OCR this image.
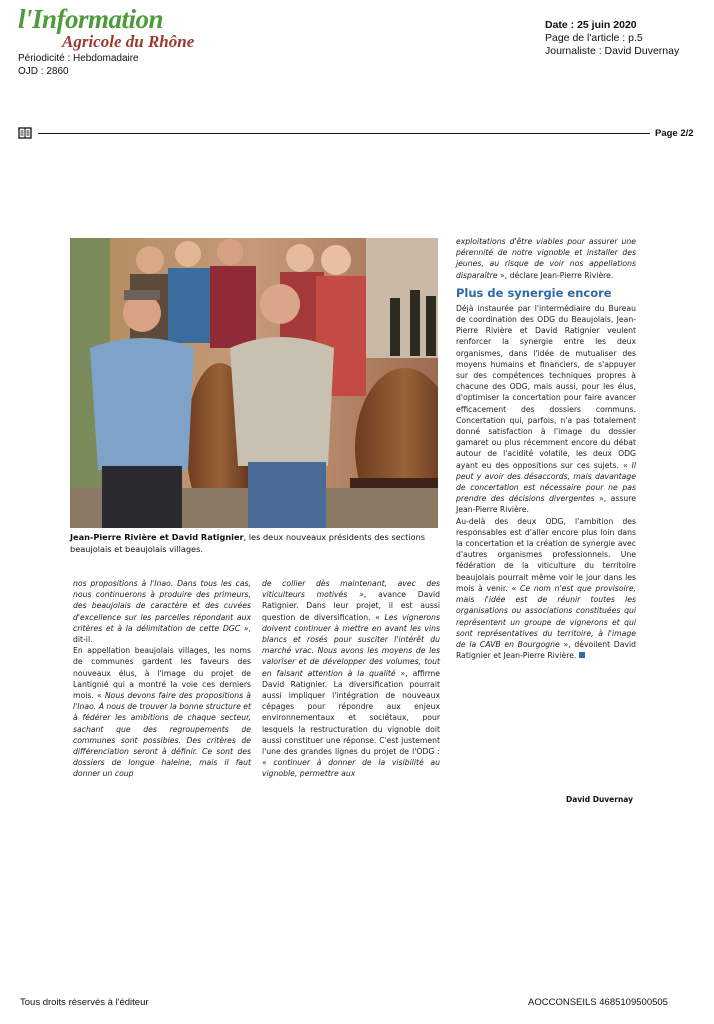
l'Information
Agricole du Rhône
Périodicité : Hebdomadaire
OJD : 2860
Date : 25 juin 2020
Page de l'article : p.5
Journaliste : David Duvernay
Page 2/2
Jean-Pierre Rivière et David Ratignier, les deux nouveaux présidents des sections beaujolais et beaujolais villages.
nos propositions à l'Inao. Dans tous les cas, nous continuerons à produire des primeurs, des beaujolais de caractère et des cuvées d'excellence sur les parcelles répondant aux critères et à la délimitation de cette DGC », dit-il.
En appellation beaujolais villages, les noms de communes gardent les faveurs des nouveaux élus, à l'image du projet de Lantignié qui a montré la voie ces derniers mois. « Nous devons faire des propositions à l'Inao. À nous de trouver la bonne structure et à fédérer les ambitions de chaque secteur, sachant que des regroupements de communes sont possibles. Des critères de différenciation seront à définir. Ce sont des dossiers de longue haleine, mais il faut donner un coup
de collier dès maintenant, avec des viticulteurs motivés », avance David Ratignier. Dans leur projet, il est aussi question de diversification. « Les vignerons doivent continuer à mettre en avant les vins blancs et rosés pour susciter l'intérêt du marché vrac. Nous avons les moyens de les valoriser et de développer des volumes, tout en faisant attention à la qualité », affirme David Ratignier. La diversification pourrait aussi impliquer l'intégration de nouveaux cépages pour répondre aux enjeux environnementaux et sociétaux, pour lesquels la restructuration du vignoble doit aussi constituer une réponse. C'est justement l'une des grandes lignes du projet de l'ODG : « continuer à donner de la visibilité au vignoble, permettre aux
exploitations d'être viables pour assurer une pérennité de notre vignoble et installer des jeunes, au risque de voir nos appellations disparaître », déclare Jean-Pierre Rivière.
Plus de synergie encore
Déjà instaurée par l'intermédiaire du Bureau de coordination des ODG du Beaujolais, Jean-Pierre Rivière et David Ratignier veulent renforcer la synergie entre les deux organismes, dans l'idée de mutualiser des moyens humains et financiers, de s'appuyer sur des compétences techniques propres à chacune des ODG, mais aussi, pour les élus, d'optimiser la concertation pour faire avancer efficacement des dossiers communs. Concertation qui, parfois, n'a pas totalement donné satisfaction à l'image du dossier gamaret ou plus récemment encore du débat autour de l'acidité volatile, les deux ODG ayant eu des oppositions sur ces sujets. « Il peut y avoir des désaccords, mais davantage de concertation est nécessaire pour ne pas prendre des décisions divergentes », assure Jean-Pierre Rivière.
Au-delà des deux ODG, l'ambition des responsables est d'aller encore plus loin dans la concertation et la création de synergie avec d'autres organismes professionnels. Une fédération de la viticulture du territoire beaujolais pourrait même voir le jour dans les mois à venir. « Ce nom n'est que provisoire, mais l'idée est de réunir toutes les organisations ou associations constituées qui représentent un groupe de vignerons et qui sont représentatives du territoire, à l'image de la CAVB en Bourgogne », dévoilent David Ratignier et Jean-Pierre Rivière.
David Duvernay
Tous droits réservés à l'éditeur	AOCCONSEILS 4685109500505
